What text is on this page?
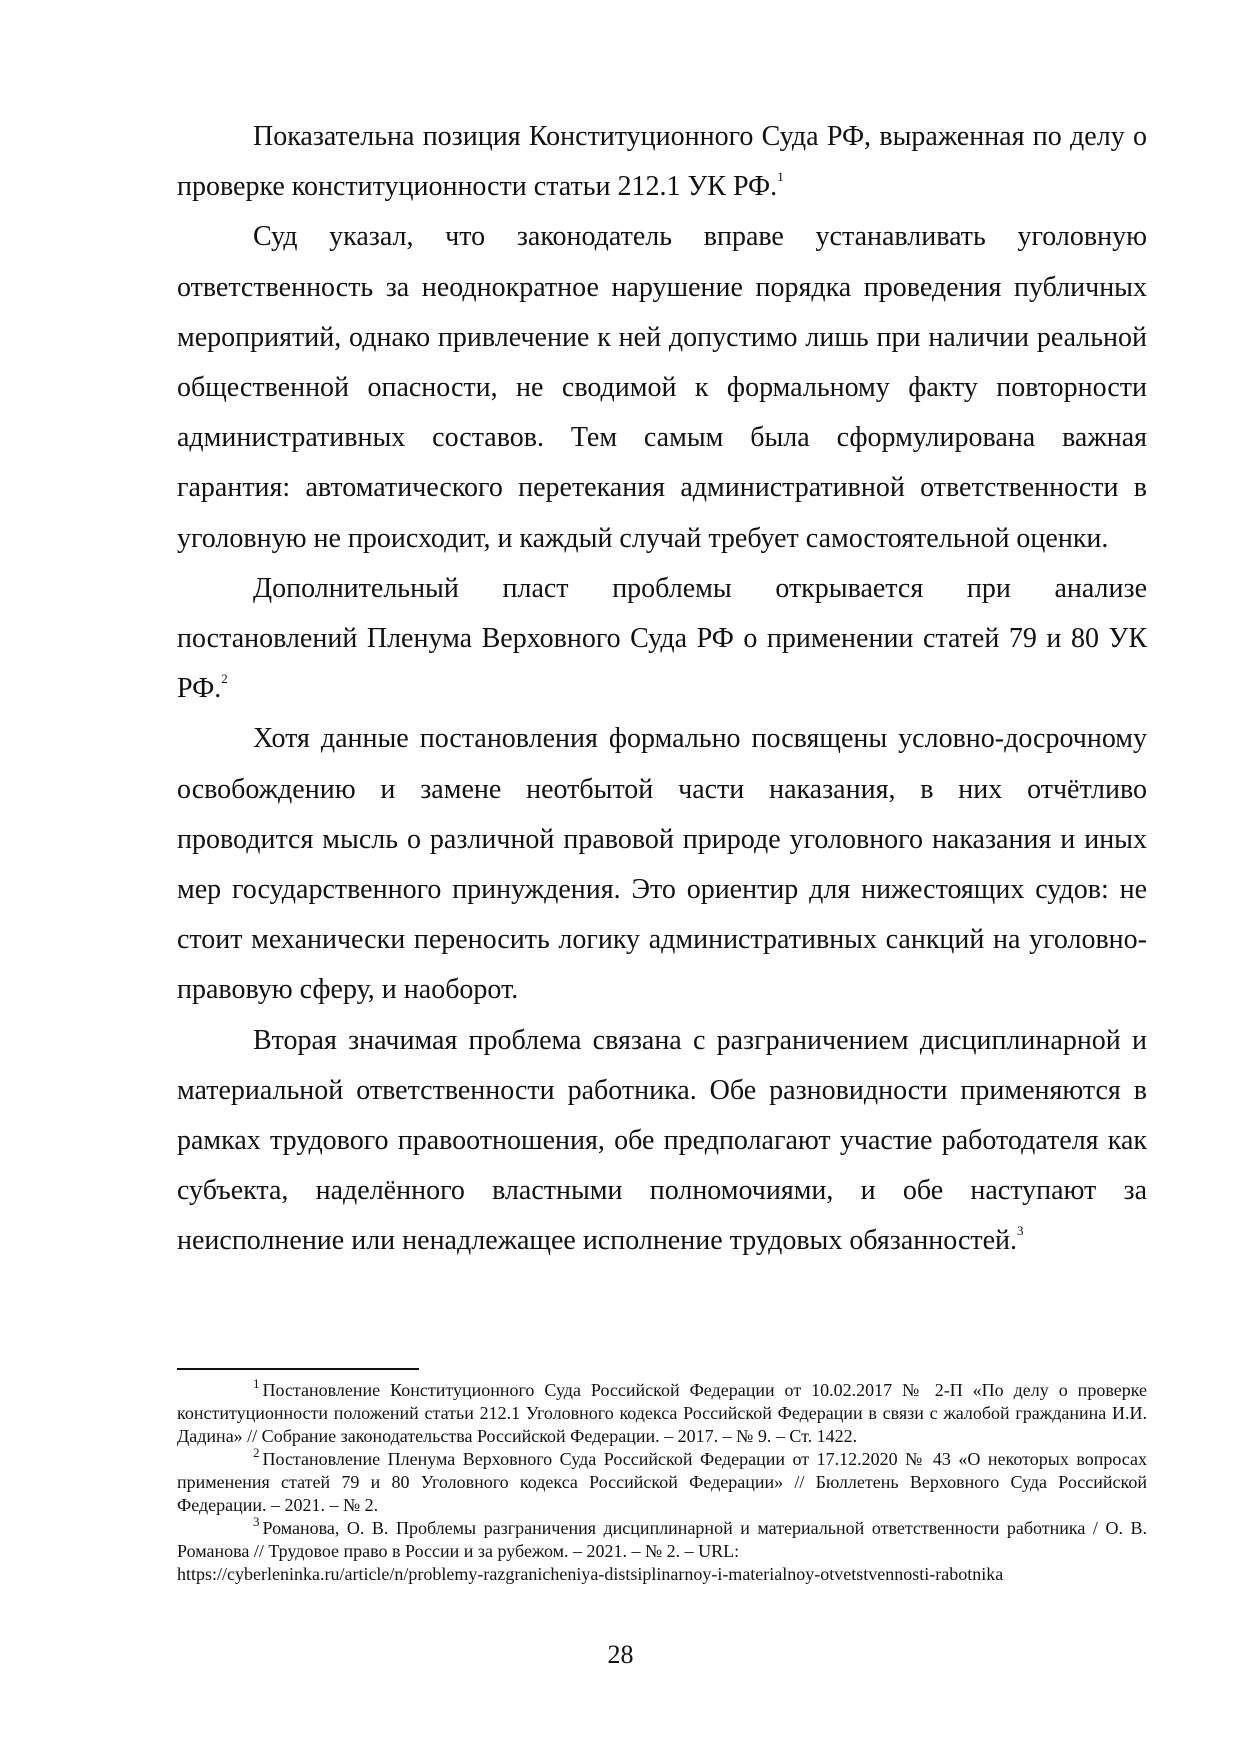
Показательна позиция Конституционного Суда РФ, выраженная по делу о проверке конституционности статьи 212.1 УК РФ.$^1$

Суд указал, что законодатель вправе устанавливать уголовную ответственность за неоднократное нарушение порядка проведения публичных мероприятий, однако привлечение к ней допустимо лишь при наличии реальной общественной опасности, не сводимой к формальному факту повторности административных составов. Тем самым была сформулирована важная гарантия: автоматического перетекания административной ответственности в уголовную не происходит, и каждый случай требует самостоятельной оценки.

Дополнительный пласт проблемы открывается при анализе постановлений Пленума Верховного Суда РФ о применении статей 79 и 80 УК РФ.$^2$

Хотя данные постановления формально посвящены условно-досрочному освобождению и замене неотбытой части наказания, в них отчётливо проводится мысль о различной правовой природе уголовного наказания и иных мер государственного принуждения. Это ориентир для нижестоящих судов: не стоит механически переносить логику административных санкций на уголовно-правовую сферу, и наоборот.

Вторая значимая проблема связана с разграничением дисциплинарной и материальной ответственности работника. Обе разновидности применяются в рамках трудового правоотношения, обе предполагают участие работодателя как субъекта, наделённого властными полномочиями, и обе наступают за неисполнение или ненадлежащее исполнение трудовых обязанностей.$^3$

$^1$ Постановление Конституционного Суда Российской Федерации от 10.02.2017 № 2-П «По делу о проверке конституционности положений статьи 212.1 Уголовного кодекса Российской Федерации в связи с жалобой гражданина И.И. Дадина» // Собрание законодательства Российской Федерации. – 2017. – № 9. – Ст. 1422.

$^2$ Постановление Пленума Верховного Суда Российской Федерации от 17.12.2020 № 43 «О некоторых вопросах применения статей 79 и 80 Уголовного кодекса Российской Федерации» // Бюллетень Верховного Суда Российской Федерации. – 2021. – № 2.

$^3$ Романова, О. В. Проблемы разграничения дисциплинарной и материальной ответственности работника / О. В. Романова // Трудовое право в России и за рубежом. – 2021. – № 2. – URL:

https://cyberleninka.ru/article/n/problemy-razgranicheniya-distsiplinarnoy-i-materialnoy-otvetstvennosti-rabotnika

28
